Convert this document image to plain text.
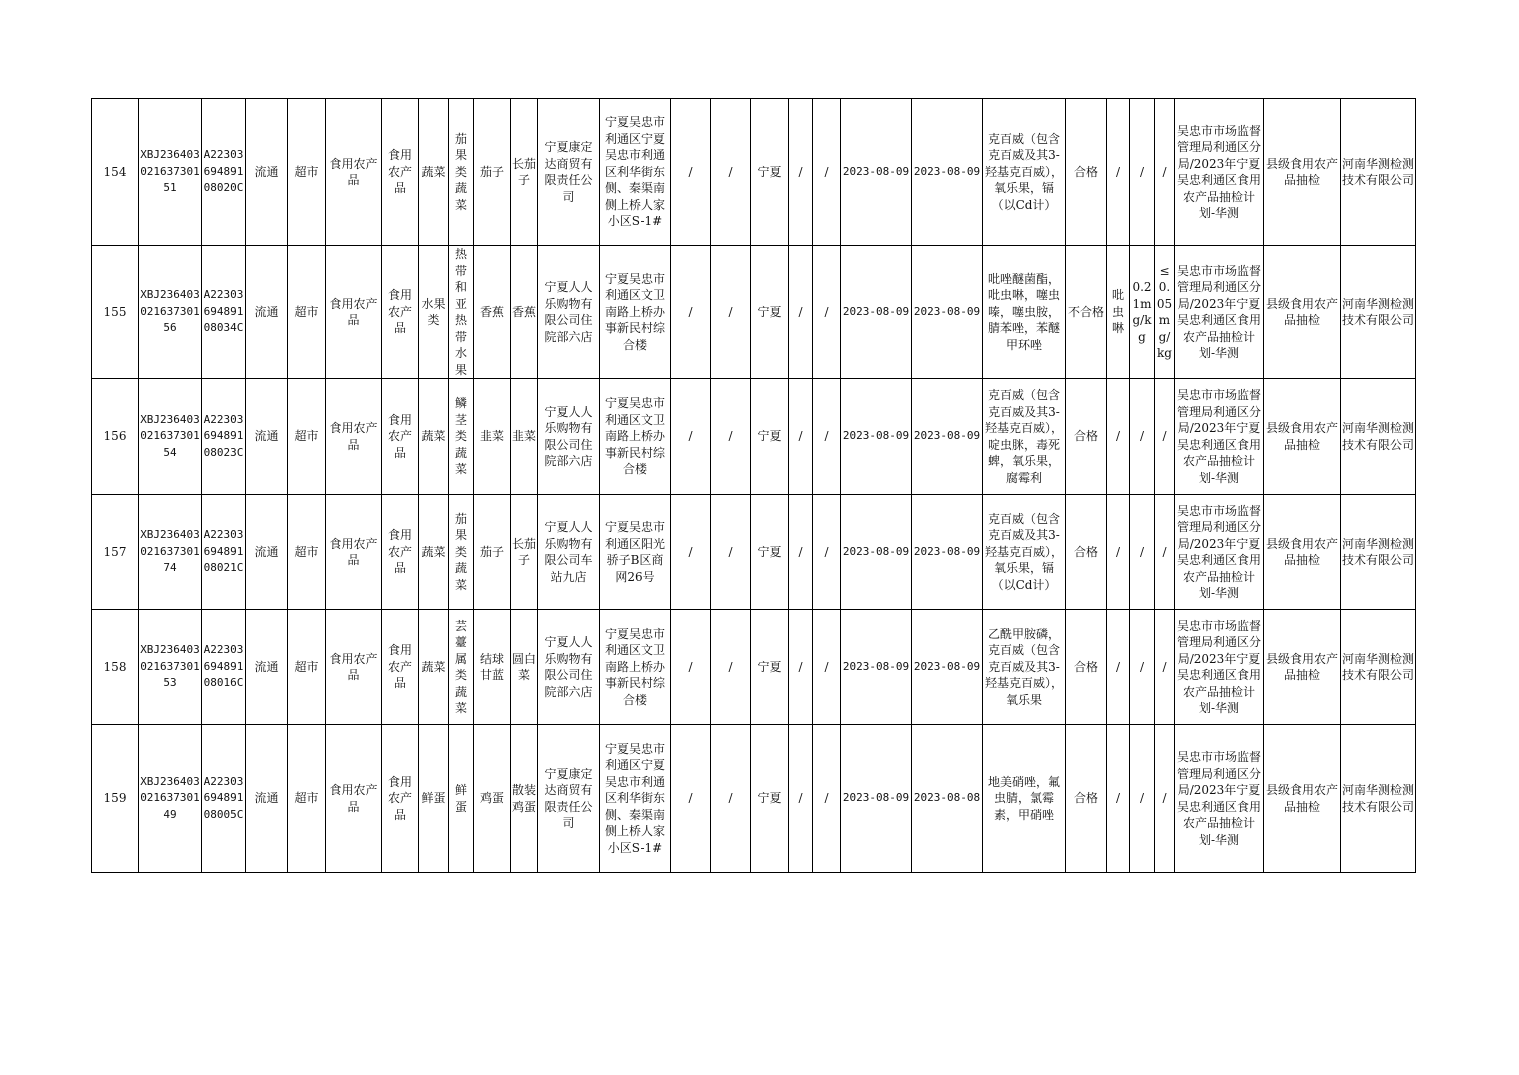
154	XBJ23640302163730151	A2230369489108020C	流通	超市	食用农产品	食用农产品	蔬菜	茄果类蔬菜	茄子	长茄子	宁夏康定达商贸有限责任公司	宁夏吴忠市利通区宁夏吴忠市利通区利华街东侧、秦渠南侧上桥人家小区S-1#	/	/	宁夏	/	/	2023-08-09	2023-08-09	克百威（包含克百威及其3-羟基克百威），氧乐果，镉（以Cd计）	合格	/	/	/	吴忠市市场监督管理局利通区分局/2023年宁夏吴忠利通区食用农产品抽检计划-华测	县级食用农产品抽检	河南华测检测技术有限公司
155	XBJ23640302163730156	A2230369489108034C	流通	超市	食用农产品	食用农产品	水果类	热带和亚热带水果	香蕉	香蕉	宁夏人人乐购物有限公司住院部六店	宁夏吴忠市利通区文卫南路上桥办事新民村综合楼	/	/	宁夏	/	/	2023-08-09	2023-08-09	吡唑醚菌酯，吡虫啉，噻虫嗪，噻虫胺，腈苯唑，苯醚甲环唑	不合格	吡虫啉	0.21mg/kg	≤0.05mg/kg	吴忠市市场监督管理局利通区分局/2023年宁夏吴忠利通区食用农产品抽检计划-华测	县级食用农产品抽检	河南华测检测技术有限公司
156	XBJ23640302163730154	A2230369489108023C	流通	超市	食用农产品	食用农产品	蔬菜	鳞茎类蔬菜	韭菜	韭菜	宁夏人人乐购物有限公司住院部六店	宁夏吴忠市利通区文卫南路上桥办事新民村综合楼	/	/	宁夏	/	/	2023-08-09	2023-08-09	克百威（包含克百威及其3-羟基克百威），啶虫脒，毒死蜱，氧乐果，腐霉利	合格	/	/	/	吴忠市市场监督管理局利通区分局/2023年宁夏吴忠利通区食用农产品抽检计划-华测	县级食用农产品抽检	河南华测检测技术有限公司
157	XBJ23640302163730174	A2230369489108021C	流通	超市	食用农产品	食用农产品	蔬菜	茄果类蔬菜	茄子	长茄子	宁夏人人乐购物有限公司车站九店	宁夏吴忠市利通区阳光骄子B区商网26号	/	/	宁夏	/	/	2023-08-09	2023-08-09	克百威（包含克百威及其3-羟基克百威），氧乐果，镉（以Cd计）	合格	/	/	/	吴忠市市场监督管理局利通区分局/2023年宁夏吴忠利通区食用农产品抽检计划-华测	县级食用农产品抽检	河南华测检测技术有限公司
158	XBJ23640302163730153	A2230369489108016C	流通	超市	食用农产品	食用农产品	蔬菜	芸薹属类蔬菜	结球甘蓝	圆白菜	宁夏人人乐购物有限公司住院部六店	宁夏吴忠市利通区文卫南路上桥办事新民村综合楼	/	/	宁夏	/	/	2023-08-09	2023-08-09	乙酰甲胺磷，克百威（包含克百威及其3-羟基克百威），氧乐果	合格	/	/	/	吴忠市市场监督管理局利通区分局/2023年宁夏吴忠利通区食用农产品抽检计划-华测	县级食用农产品抽检	河南华测检测技术有限公司
159	XBJ23640302163730149	A2230369489108005C	流通	超市	食用农产品	食用农产品	鲜蛋	鲜蛋	鸡蛋	散装鸡蛋	宁夏康定达商贸有限责任公司	宁夏吴忠市利通区宁夏吴忠市利通区利华街东侧、秦渠南侧上桥人家小区S-1#	/	/	宁夏	/	/	2023-08-09	2023-08-08	地美硝唑，氟虫腈，氯霉素，甲硝唑	合格	/	/	/	吴忠市市场监督管理局利通区分局/2023年宁夏吴忠利通区食用农产品抽检计划-华测	县级食用农产品抽检	河南华测检测技术有限公司
